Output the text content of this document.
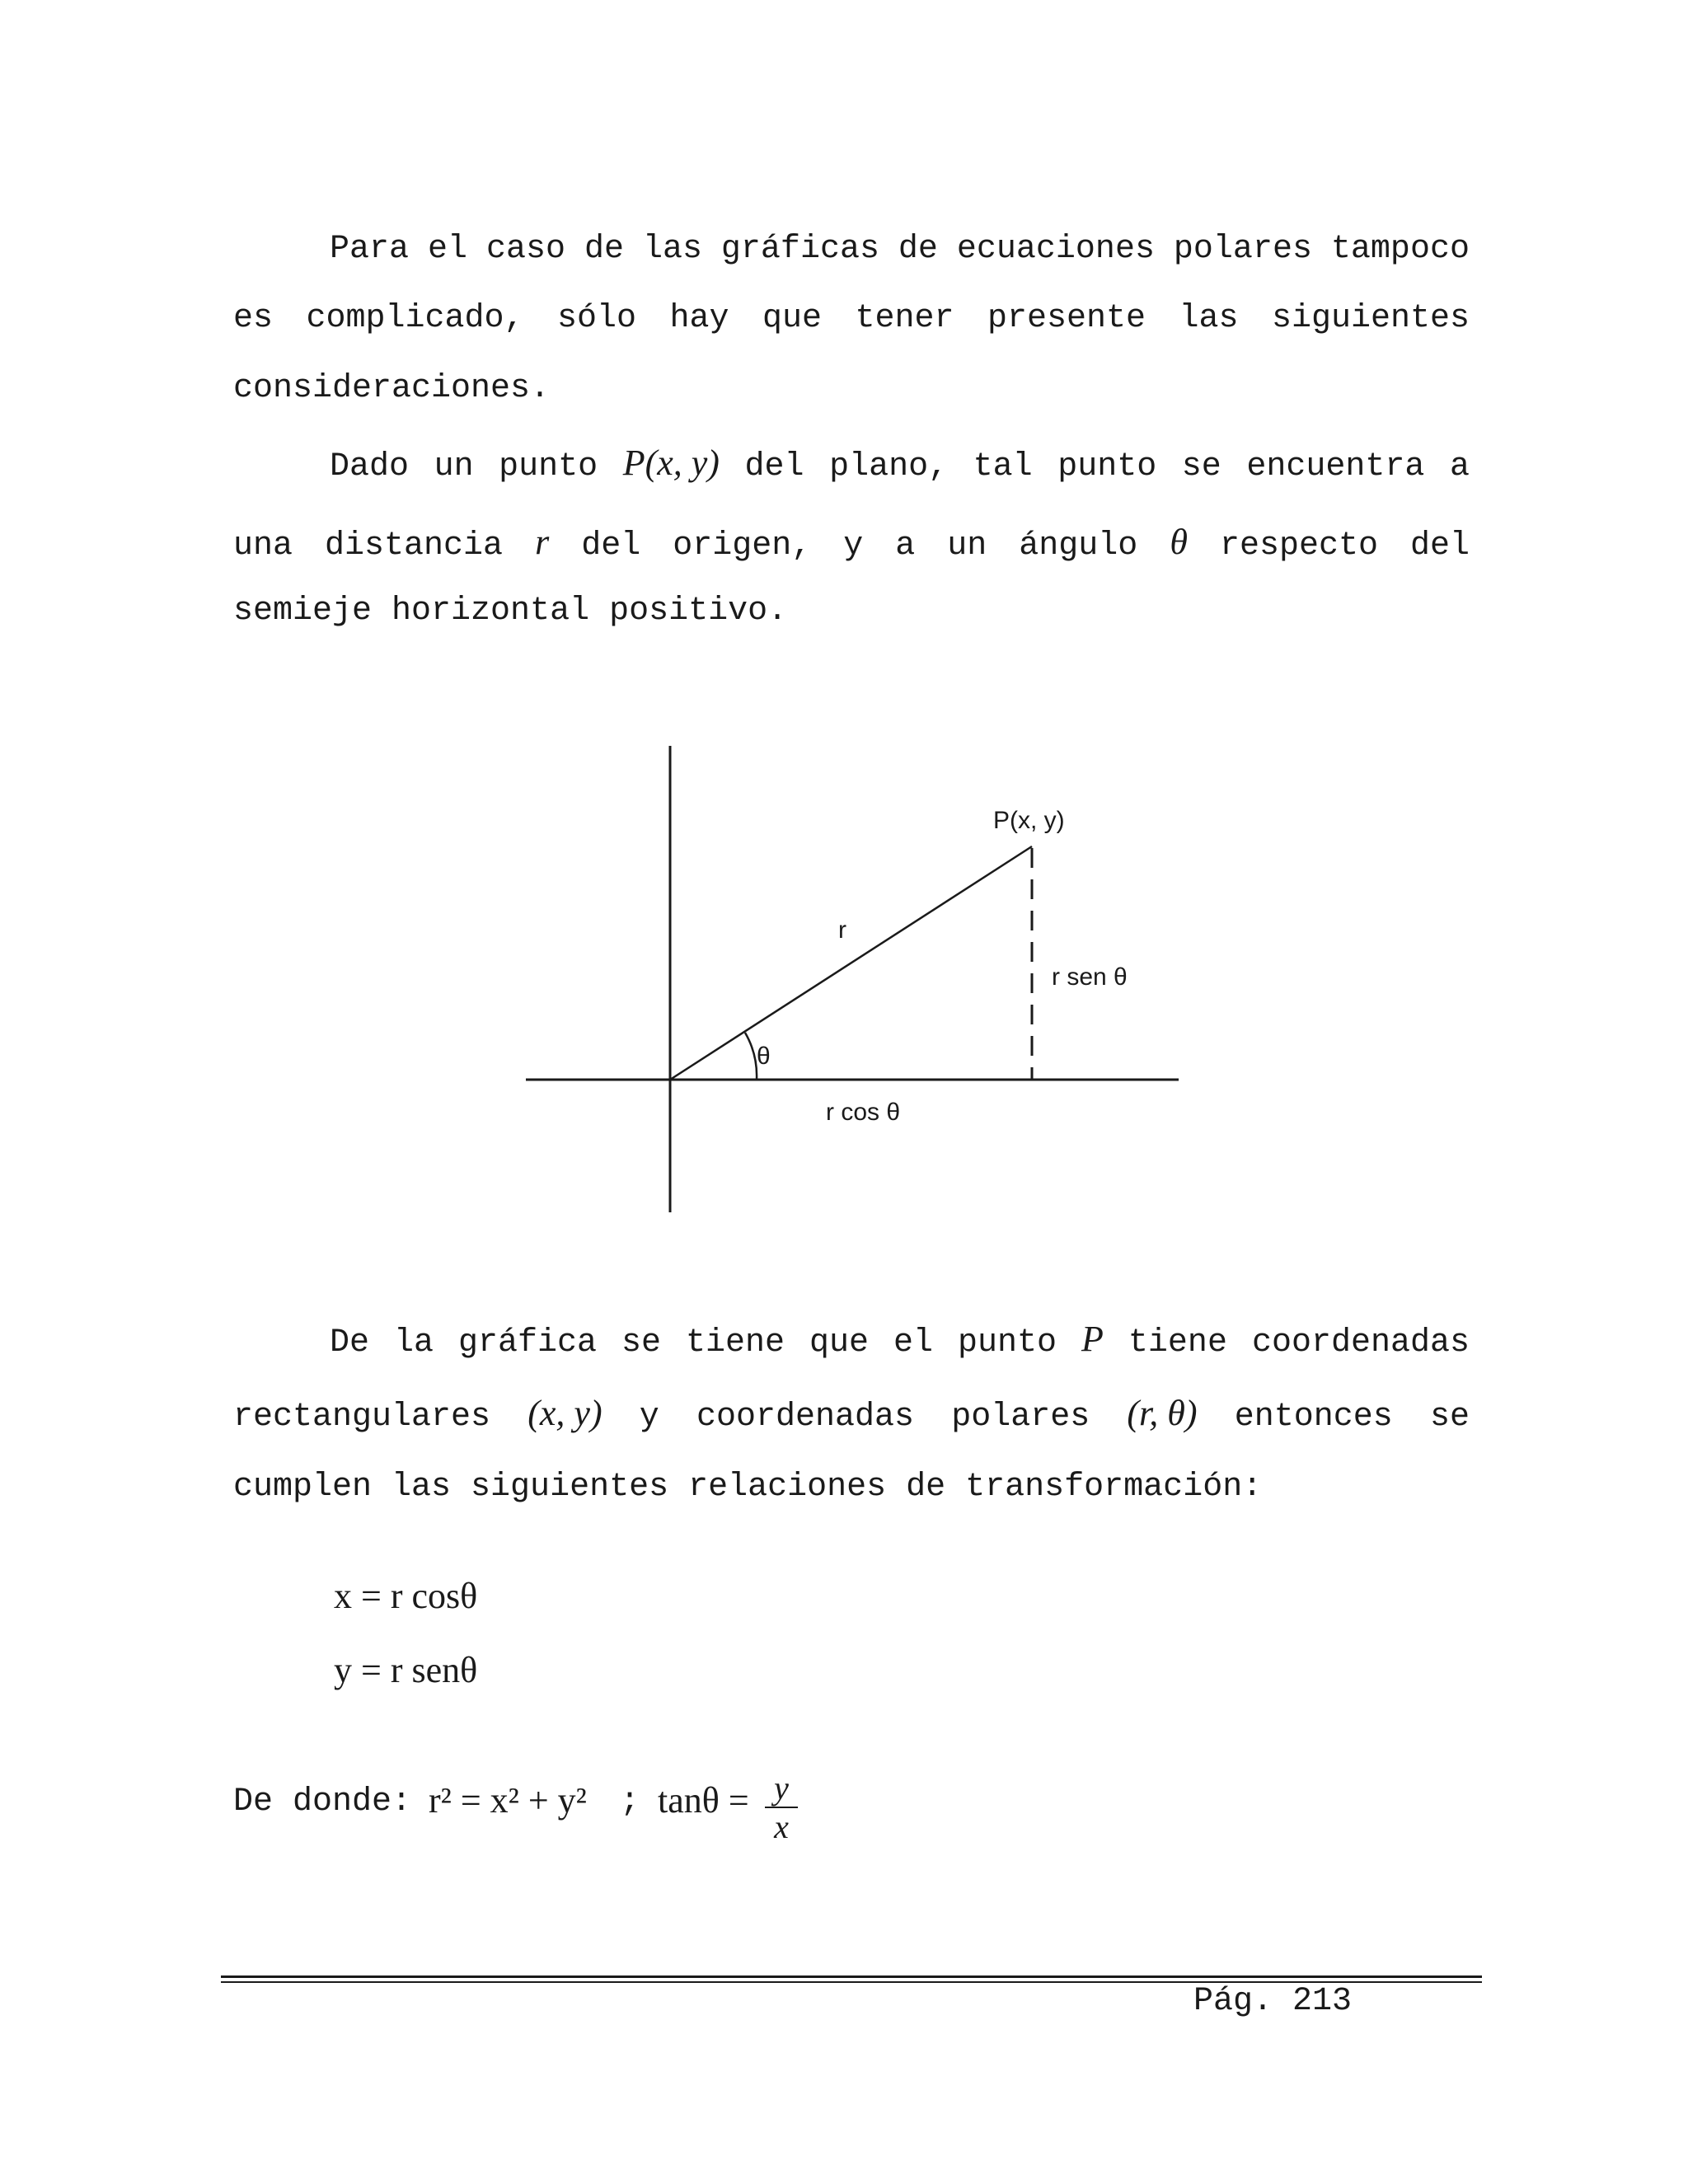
Para el caso de las gráficas de ecuaciones polares tampoco
es complicado, sólo hay que tener presente las siguientes
consideraciones.
Dado un punto P(x, y) del plano, tal punto se encuentra a
una distancia r del origen, y a un ángulo θ respecto del
semieje horizontal positivo.
P(x, y)
r
r sen θ
θ
r cos θ
De la gráfica se tiene que el punto P tiene coordenadas
rectangulares (x, y) y coordenadas polares (r, θ) entonces se
cumplen las siguientes relaciones de transformación:
x = r cosθ
y = r senθ
De donde: r² = x² + y² ; $\tan\theta = \frac{y}{x}$
Pág. 213
